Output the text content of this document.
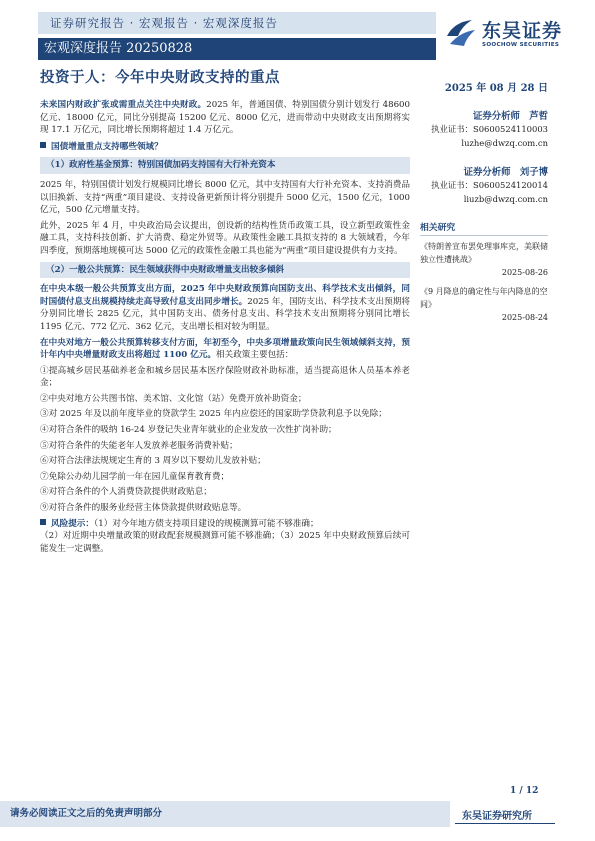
证券研究报告 · 宏观报告 · 宏观深度报告
宏观深度报告 20250828
东吴证券
SOOCHOW SECURITIES
投资于人：今年中央财政支持的重点

未来国内财政扩张或需重点关注中央财政。2025 年，普通国债、特别国债分别计划发行 48600 亿元、18000 亿元，同比分别提高 15200 亿元、8000 亿元，进而带动中央财政支出预期将实现 17.1 万亿元，同比增长预期将超过 1.4 万亿元。

国债增量重点支持哪些领域？
（1）政府性基金预算：特别国债加码支持国有大行补充资本

2025 年，特别国债计划发行规模同比增长 8000 亿元，其中支持国有大行补充资本、支持消费品以旧换新、支持“两重”项目建设、支持设备更新预计将分别提升 5000 亿元，1500 亿元，1000 亿元，500 亿元增量支持。

此外，2025 年 4 月，中央政治局会议提出，创设新的结构性货币政策工具，设立新型政策性金融工具，支持科技创新、扩大消费、稳定外贸等。从政策性金融工具拟支持的 8 大领域看，今年四季度，预期落地规模可达 5000 亿元的政策性金融工具也能为“两重”项目建设提供有力支持。

（2）一般公共预算：民生领域获得中央财政增量支出较多倾斜

在中央本级一般公共预算支出方面，2025 年中央财政预算向国防支出、科学技术支出倾斜，同时国债付息支出规模持续走高导致付息支出同步增长。2025 年，国防支出、科学技术支出预期将分别同比增长 2825 亿元，其中国防支出、债务付息支出、科学技术支出预期将分别同比增长 1195 亿元、772 亿元、362 亿元，支出增长相对较为明显。

在中央对地方一般公共预算转移支付方面，年初至今，中央多项增量政策向民生领域倾斜支持，预计年内中央增量财政支出将超过 1100 亿元。相关政策主要包括：

①提高城乡居民基础养老金和城乡居民基本医疗保险财政补助标准，适当提高退休人员基本养老金；

②中央对地方公共图书馆、美术馆、文化馆（站）免费开放补助资金；

③对 2025 年及以前年度毕业的贷款学生 2025 年内应偿还的国家助学贷款利息予以免除；

④对符合条件的吸纳 16-24 岁登记失业青年就业的企业发放一次性扩岗补助；

⑤对符合条件的失能老年人发放养老服务消费补贴；

⑥对符合法律法规规定生育的 3 周岁以下婴幼儿发放补贴；

⑦免除公办幼儿园学前一年在园儿童保育教育费；

⑧对符合条件的个人消费贷款提供财政贴息；

⑨对符合条件的服务业经营主体贷款提供财政贴息等。

风险提示：（1）对今年地方债支持项目建设的规模测算可能不够准确；

（2）对近期中央增量政策的财政配套规模测算可能不够准确；（3）2025 年中央财政预算后续可能发生一定调整。

2025 年 08 月 28 日
证券分析师　芦哲
执业证书：S0600524110003
luzhe@dwzq.com.cn
证券分析师　刘子博
执业证书：S0600524120014
liuzb@dwzq.com.cn
相关研究
《特朗普宣布罢免理事库克，美联储独立性遭挑战》
2025-08-26
《9 月降息的确定性与年内降息的空间》
2025-08-24
1 / 12
请务必阅读正文之后的免责声明部分	东吴证券研究所
